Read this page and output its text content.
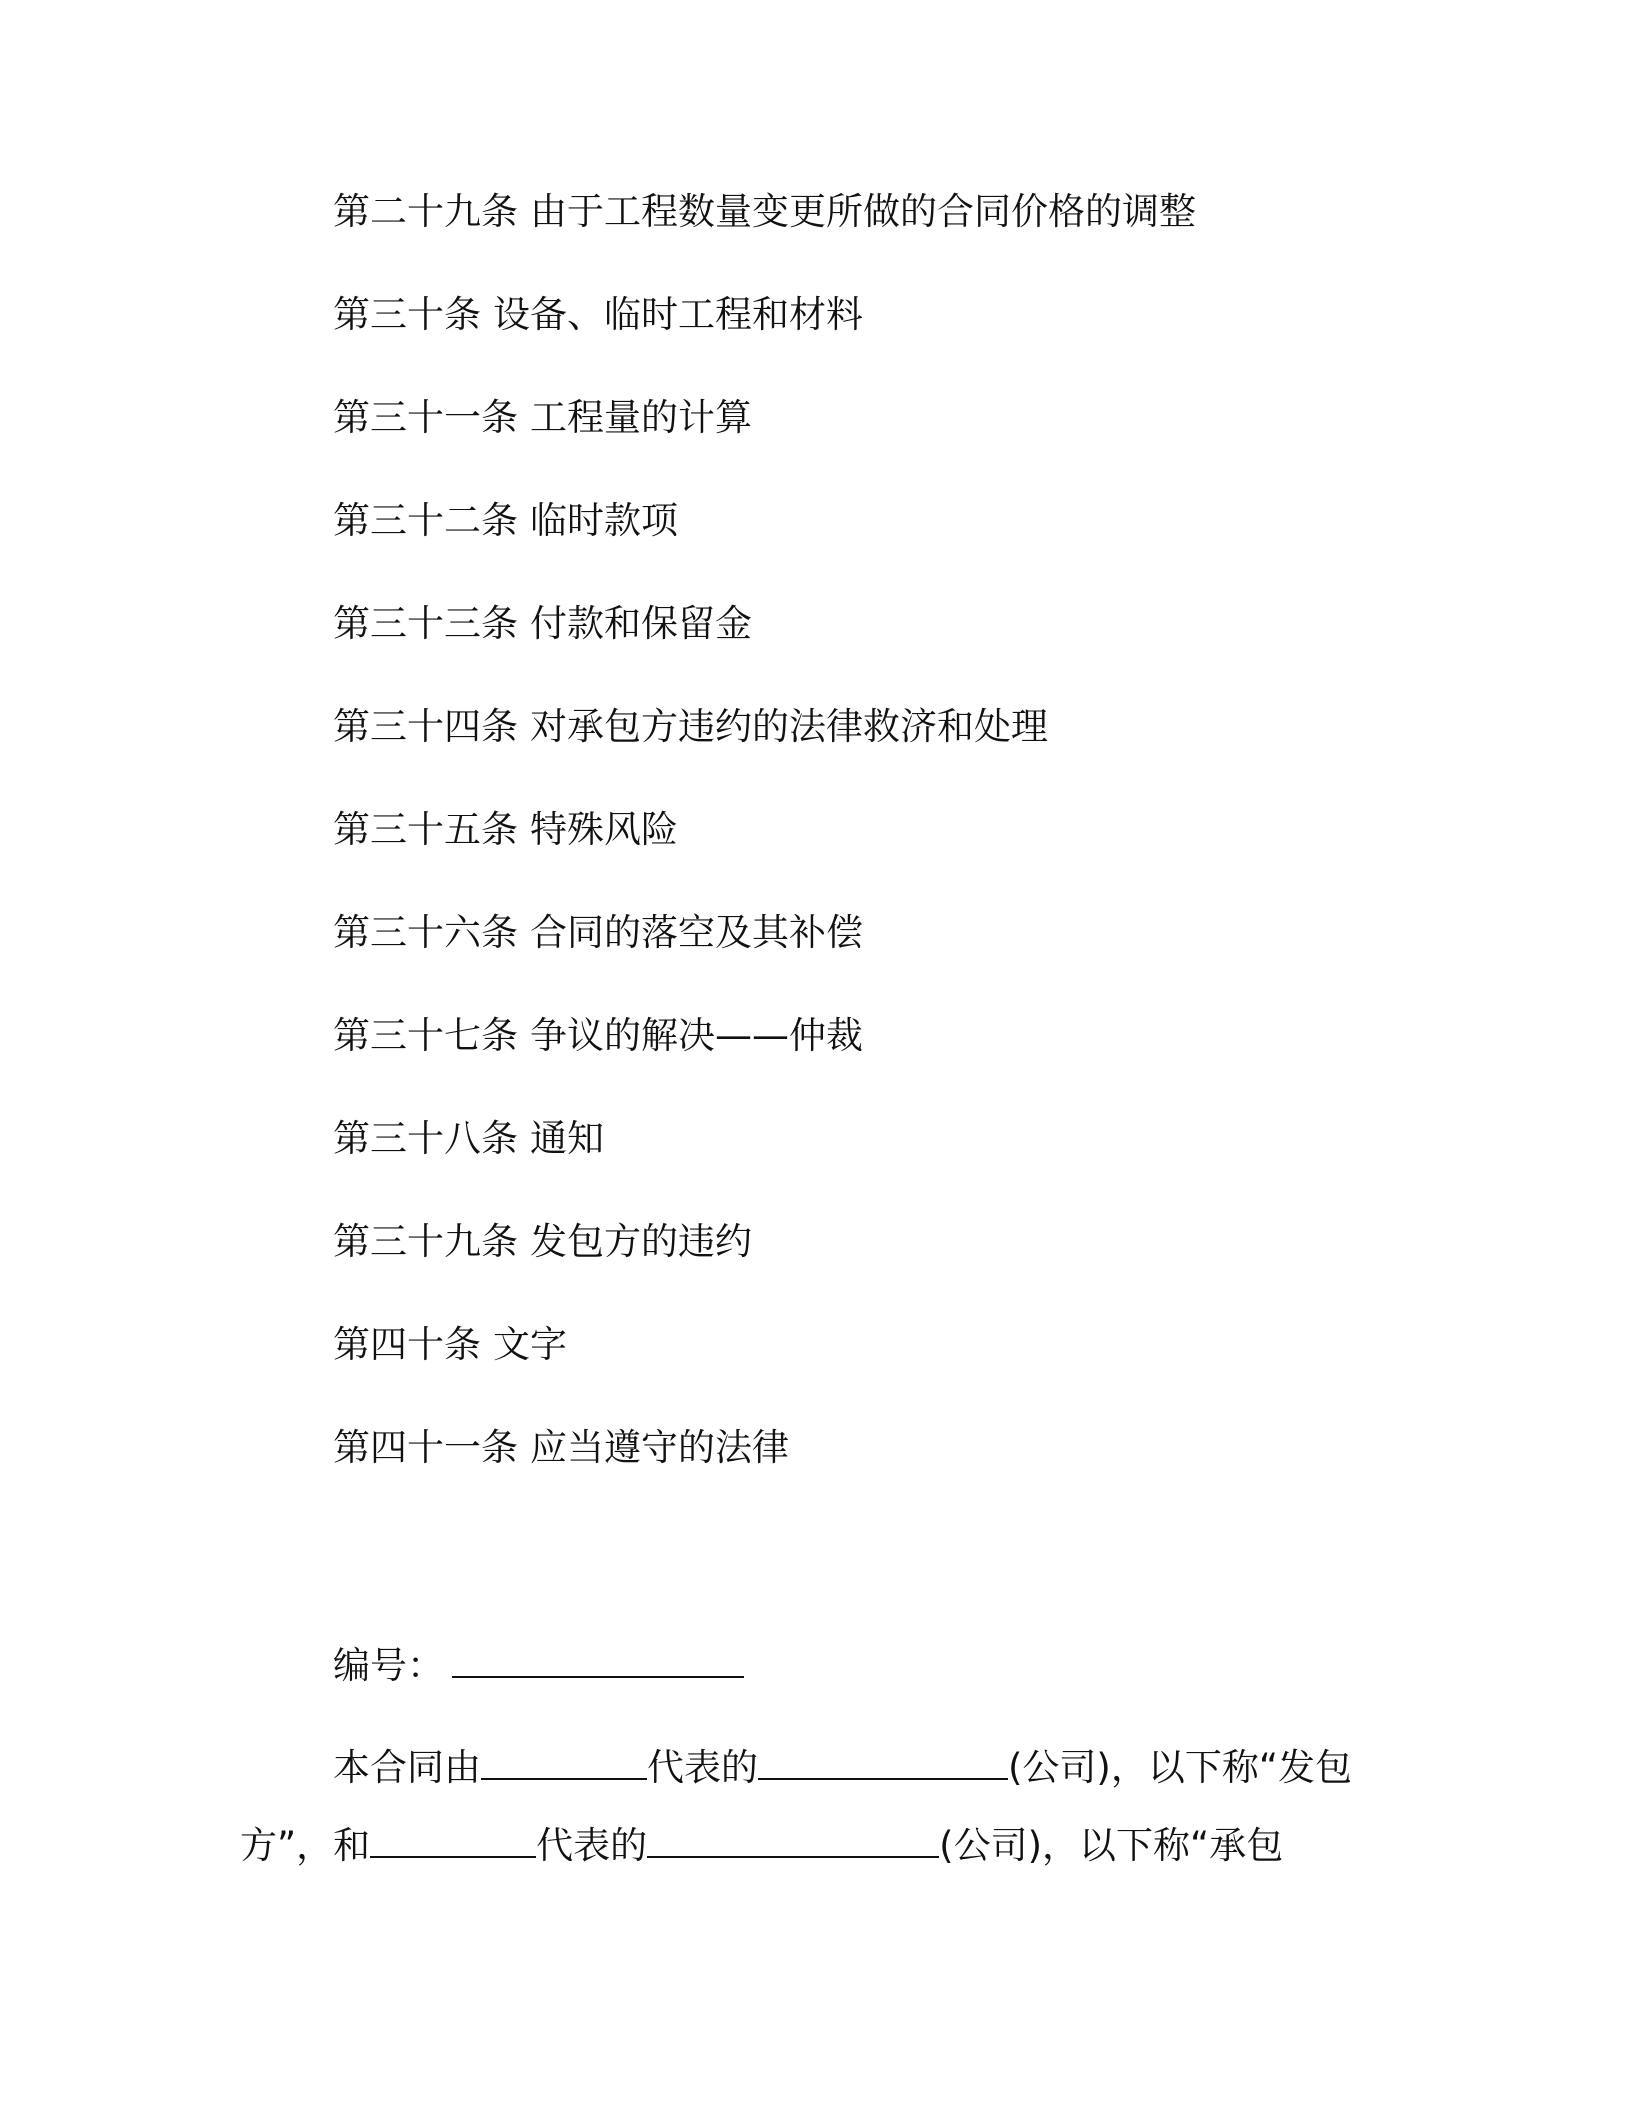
第二十九条 由于工程数量变更所做的合同价格的调整
第三十条 设备、临时工程和材料
第三十一条 工程量的计算
第三十二条 临时款项
第三十三条 付款和保留金
第三十四条 对承包方违约的法律救济和处理
第三十五条 特殊风险
第三十六条 合同的落空及其补偿
第三十七条 争议的解决——仲裁
第三十八条 通知
第三十九条 发包方的违约
第四十条 文字
第四十一条 应当遵守的法律
编号：
本合同由	代表的	(公司)，以下称“发包
方”，和	代表的	(公司)，以下称“承包
